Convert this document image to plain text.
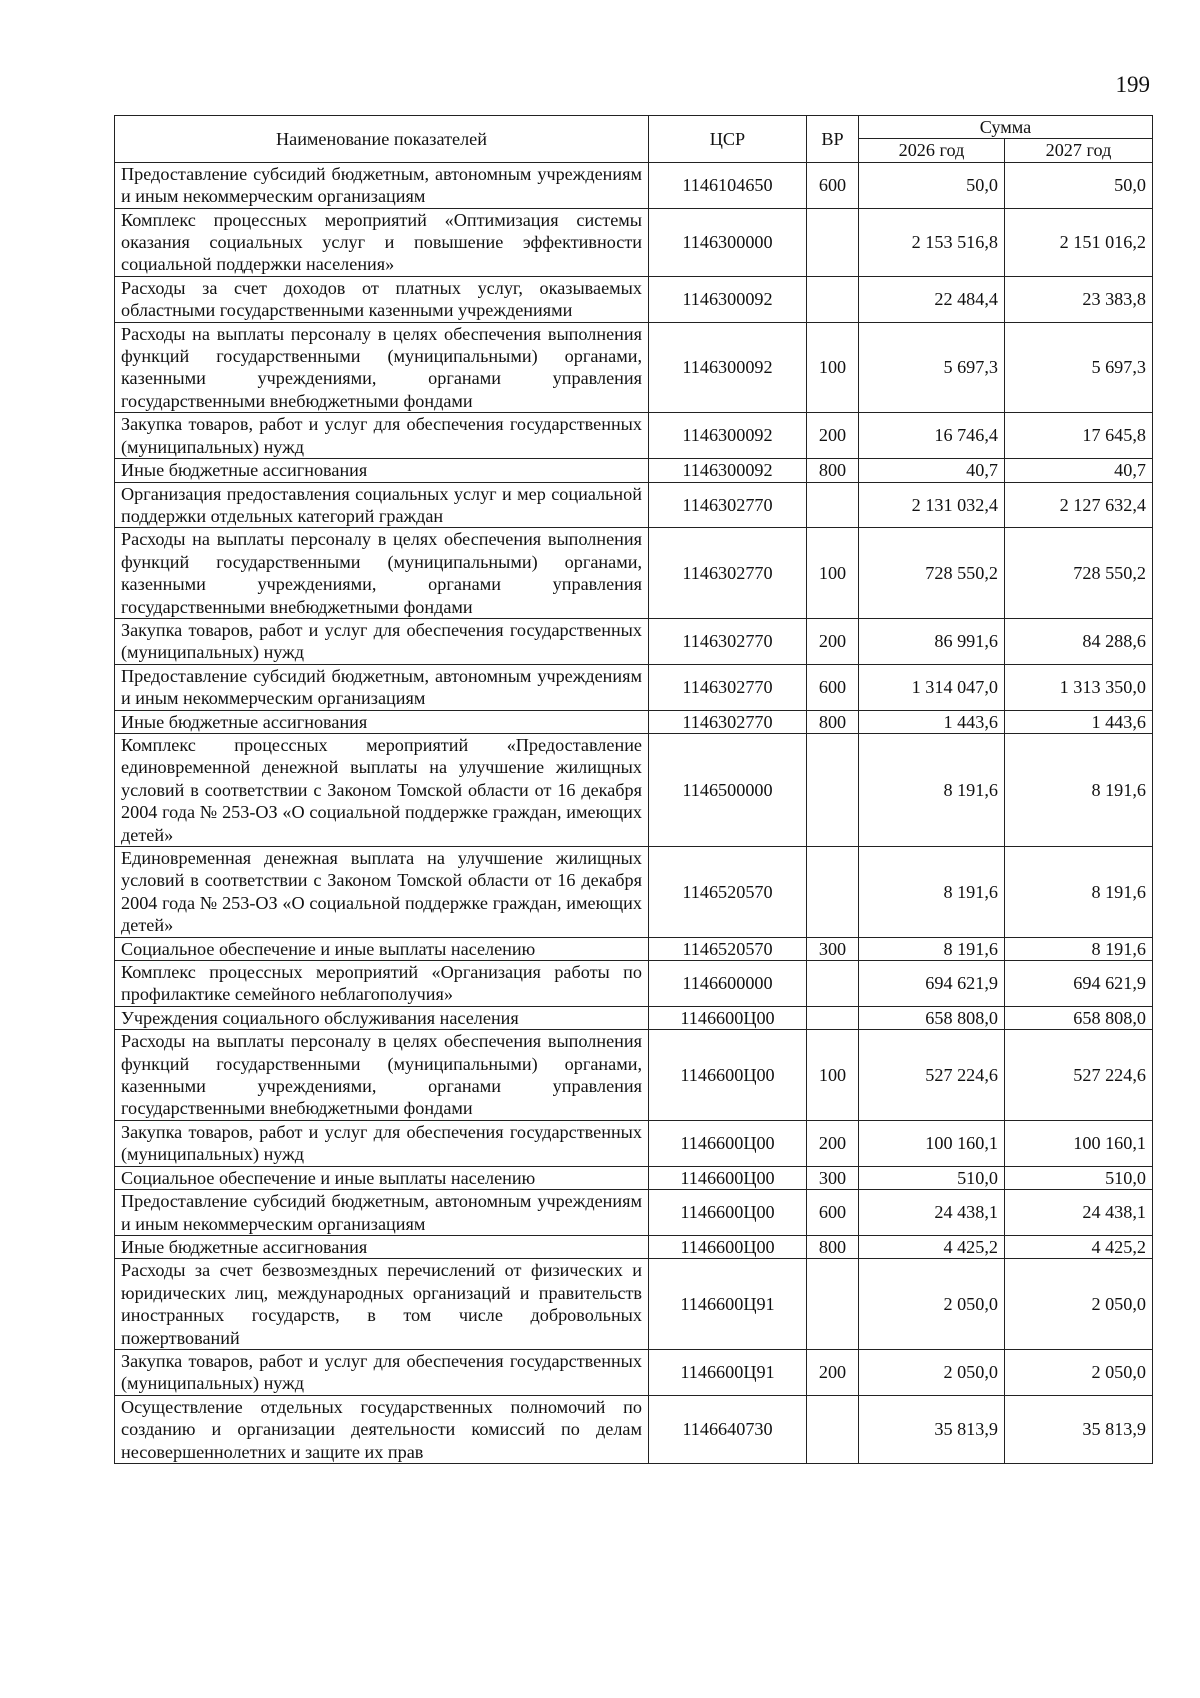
199
Наименование показателей	ЦСР	ВР	Сумма	
			2026 год	2027 год
Предоставление субсидий бюджетным, автономным учреждениям и иным некоммерческим организациям	1146104650	600	50,0	50,0
Комплекс процессных мероприятий «Оптимизация системы оказания социальных услуг и повышение эффективности социальной поддержки населения»	1146300000		2 153 516,8	2 151 016,2
Расходы за счет доходов от платных услуг, оказываемых областными государственными казенными учреждениями	1146300092		22 484,4	23 383,8
Расходы на выплаты персоналу в целях обеспечения выполнения функций государственными (муниципальными) органами, казенными учреждениями, органами управления государственными внебюджетными фондами	1146300092	100	5 697,3	5 697,3
Закупка товаров, работ и услуг для обеспечения государственных (муниципальных) нужд	1146300092	200	16 746,4	17 645,8
Иные бюджетные ассигнования	1146300092	800	40,7	40,7
Организация предоставления социальных услуг и мер социальной поддержки отдельных категорий граждан	1146302770		2 131 032,4	2 127 632,4
Расходы на выплаты персоналу в целях обеспечения выполнения функций государственными (муниципальными) органами, казенными учреждениями, органами управления государственными внебюджетными фондами	1146302770	100	728 550,2	728 550,2
Закупка товаров, работ и услуг для обеспечения государственных (муниципальных) нужд	1146302770	200	86 991,6	84 288,6
Предоставление субсидий бюджетным, автономным учреждениям и иным некоммерческим организациям	1146302770	600	1 314 047,0	1 313 350,0
Иные бюджетные ассигнования	1146302770	800	1 443,6	1 443,6
Комплекс процессных мероприятий «Предоставление единовременной денежной выплаты на улучшение жилищных условий в соответствии с Законом Томской области от 16 декабря 2004 года № 253-ОЗ «О социальной поддержке граждан, имеющих детей»	1146500000		8 191,6	8 191,6
Единовременная денежная выплата на улучшение жилищных условий в соответствии с Законом Томской области от 16 декабря 2004 года № 253-ОЗ «О социальной поддержке граждан, имеющих детей»	1146520570		8 191,6	8 191,6
Социальное обеспечение и иные выплаты населению	1146520570	300	8 191,6	8 191,6
Комплекс процессных мероприятий «Организация работы по профилактике семейного неблагополучия»	1146600000		694 621,9	694 621,9
Учреждения социального обслуживания населения	1146600Ц00		658 808,0	658 808,0
Расходы на выплаты персоналу в целях обеспечения выполнения функций государственными (муниципальными) органами, казенными учреждениями, органами управления государственными внебюджетными фондами	1146600Ц00	100	527 224,6	527 224,6
Закупка товаров, работ и услуг для обеспечения государственных (муниципальных) нужд	1146600Ц00	200	100 160,1	100 160,1
Социальное обеспечение и иные выплаты населению	1146600Ц00	300	510,0	510,0
Предоставление субсидий бюджетным, автономным учреждениям и иным некоммерческим организациям	1146600Ц00	600	24 438,1	24 438,1
Иные бюджетные ассигнования	1146600Ц00	800	4 425,2	4 425,2
Расходы за счет безвозмездных перечислений от физических и юридических лиц, международных организаций и правительств иностранных государств, в том числе добровольных пожертвований	1146600Ц91		2 050,0	2 050,0
Закупка товаров, работ и услуг для обеспечения государственных (муниципальных) нужд	1146600Ц91	200	2 050,0	2 050,0
Осуществление отдельных государственных полномочий по созданию и организации деятельности комиссий по делам несовершеннолетних и защите их прав	1146640730		35 813,9	35 813,9
